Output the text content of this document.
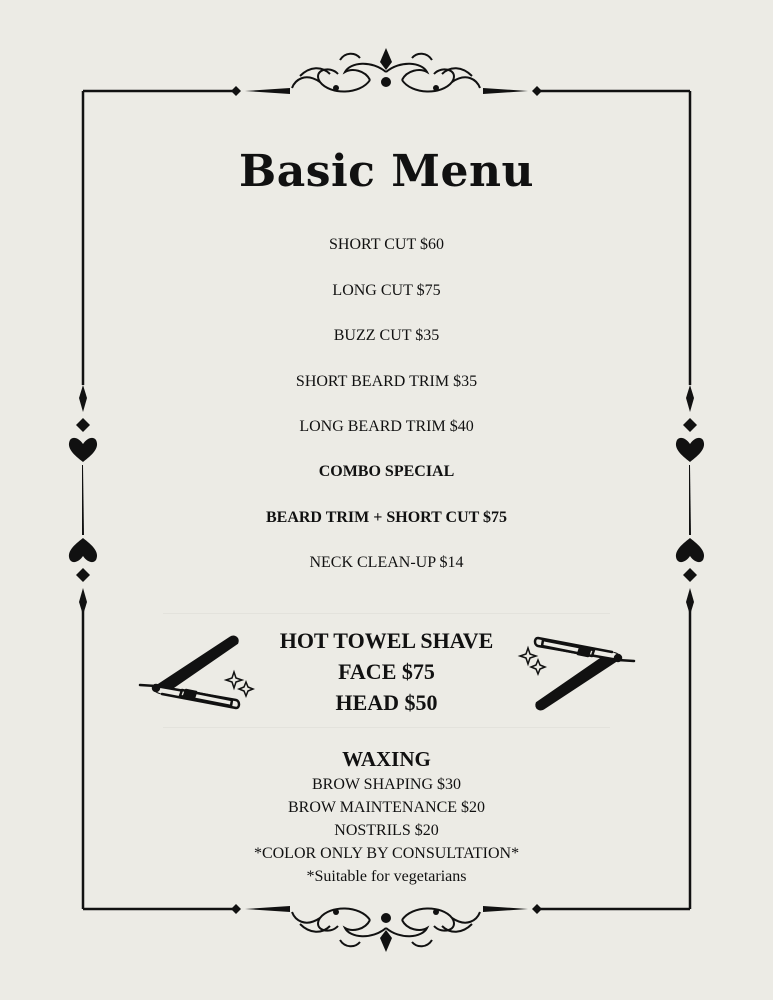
Basic Menu
SHORT CUT $60
LONG CUT $75
BUZZ CUT $35
SHORT BEARD TRIM $35
LONG BEARD TRIM $40
COMBO SPECIAL
BEARD TRIM + SHORT CUT $75
NECK CLEAN-UP $14
HOT TOWEL SHAVE
FACE $75
HEAD $50
WAXING
BROW SHAPING $30
BROW MAINTENANCE $20
NOSTRILS $20
*COLOR ONLY BY CONSULTATION*
*Suitable for vegetarians
